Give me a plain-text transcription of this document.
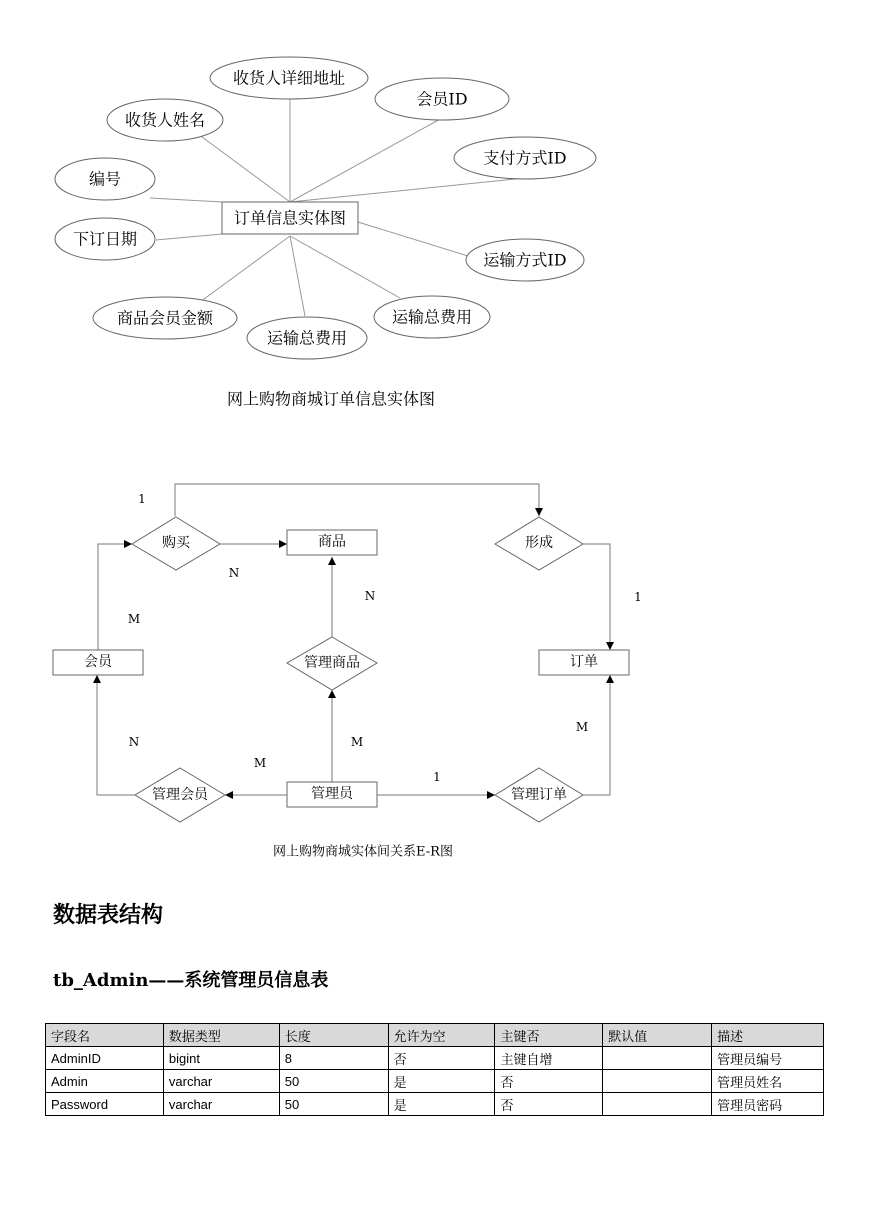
收货人详细地址
会员ID
收货人姓名
支付方式ID
编号
下订日期
运输方式ID
商品会员金额	运输总费用
运输总费用
订单信息实体图
网上购物商城订单信息实体图
购买	形成
管理商品
管理会员	管理订单
商品
会员	订单
管理员
1
N
M
1
N
M
N
M
1
M
网上购物商城实体间关系E-R图
数据表结构
tb_Admin——系统管理员信息表
字段名	数据类型	长度	允许为空	主键否	默认值	描述
AdminID	bigint	8	否	主键自增		管理员编号
Admin	varchar	50	是	否		管理员姓名
Password	varchar	50	是	否		管理员密码
